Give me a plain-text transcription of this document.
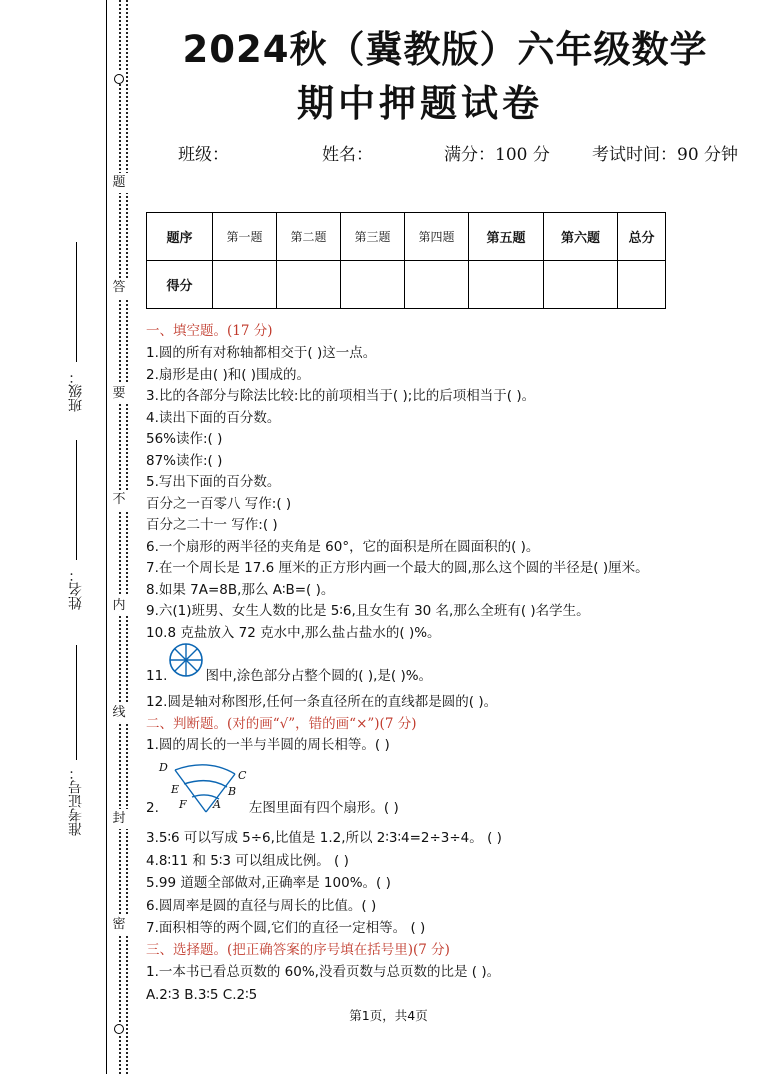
题
答
要
不
内
线
封
密
班级：
姓名：
准考证号：
2024秋（冀教版）六年级数学
期中押题试卷
班级：	姓名：	满分：100 分 考试时间：90 分钟
题序	第一题	第二题	第三题	第四题	第五题	第六题	总分
得分							
一、填空题。(17 分)
1.圆的所有对称轴都相交于( )这一点。
2.扇形是由( )和( )围成的。
3.比的各部分与除法比较:比的前项相当于( );比的后项相当于( )。
4.读出下面的百分数。
56%读作:( )
87%读作:( )
5.写出下面的百分数。
百分之一百零八 写作:( )
百分之二十一 写作:( )
6.一个扇形的两半径的夹角是 60°，它的面积是所在圆面积的( )。
7.在一个周长是 17.6 厘米的正方形内画一个最大的圆,那么这个圆的半径是( )厘米。
8.如果 7A=8B,那么 A∶B=( )。
9.六(1)班男、女生人数的比是 5∶6,且女生有 30 名,那么全班有( )名学生。
10.8 克盐放入 72 克水中,那么盐占盐水的( )%。
11.	图中,涂色部分占整个圆的( ),是( )%。
12.圆是轴对称图形,任何一条直径所在的直线都是圆的( )。
二、判断题。(对的画“√”，错的画“×”)(7 分)
1.圆的周长的一半与半圆的周长相等。( )
D
C
E	B
F A
2.	左图里面有四个扇形。( )
3.5∶6 可以写成 5÷6,比值是 1.2,所以 2∶3∶4=2÷3÷4。 ( )
4.8∶11 和 5∶3 可以组成比例。 ( )
5.99 道题全部做对,正确率是 100%。( )
6.圆周率是圆的直径与周长的比值。( )
7.面积相等的两个圆,它们的直径一定相等。 ( )
三、选择题。(把正确答案的序号填在括号里)(7 分)
1.一本书已看总页数的 60%,没看页数与总页数的比是 ( )。
A.2∶3 B.3∶5 C.2∶5
第1页，共4页
